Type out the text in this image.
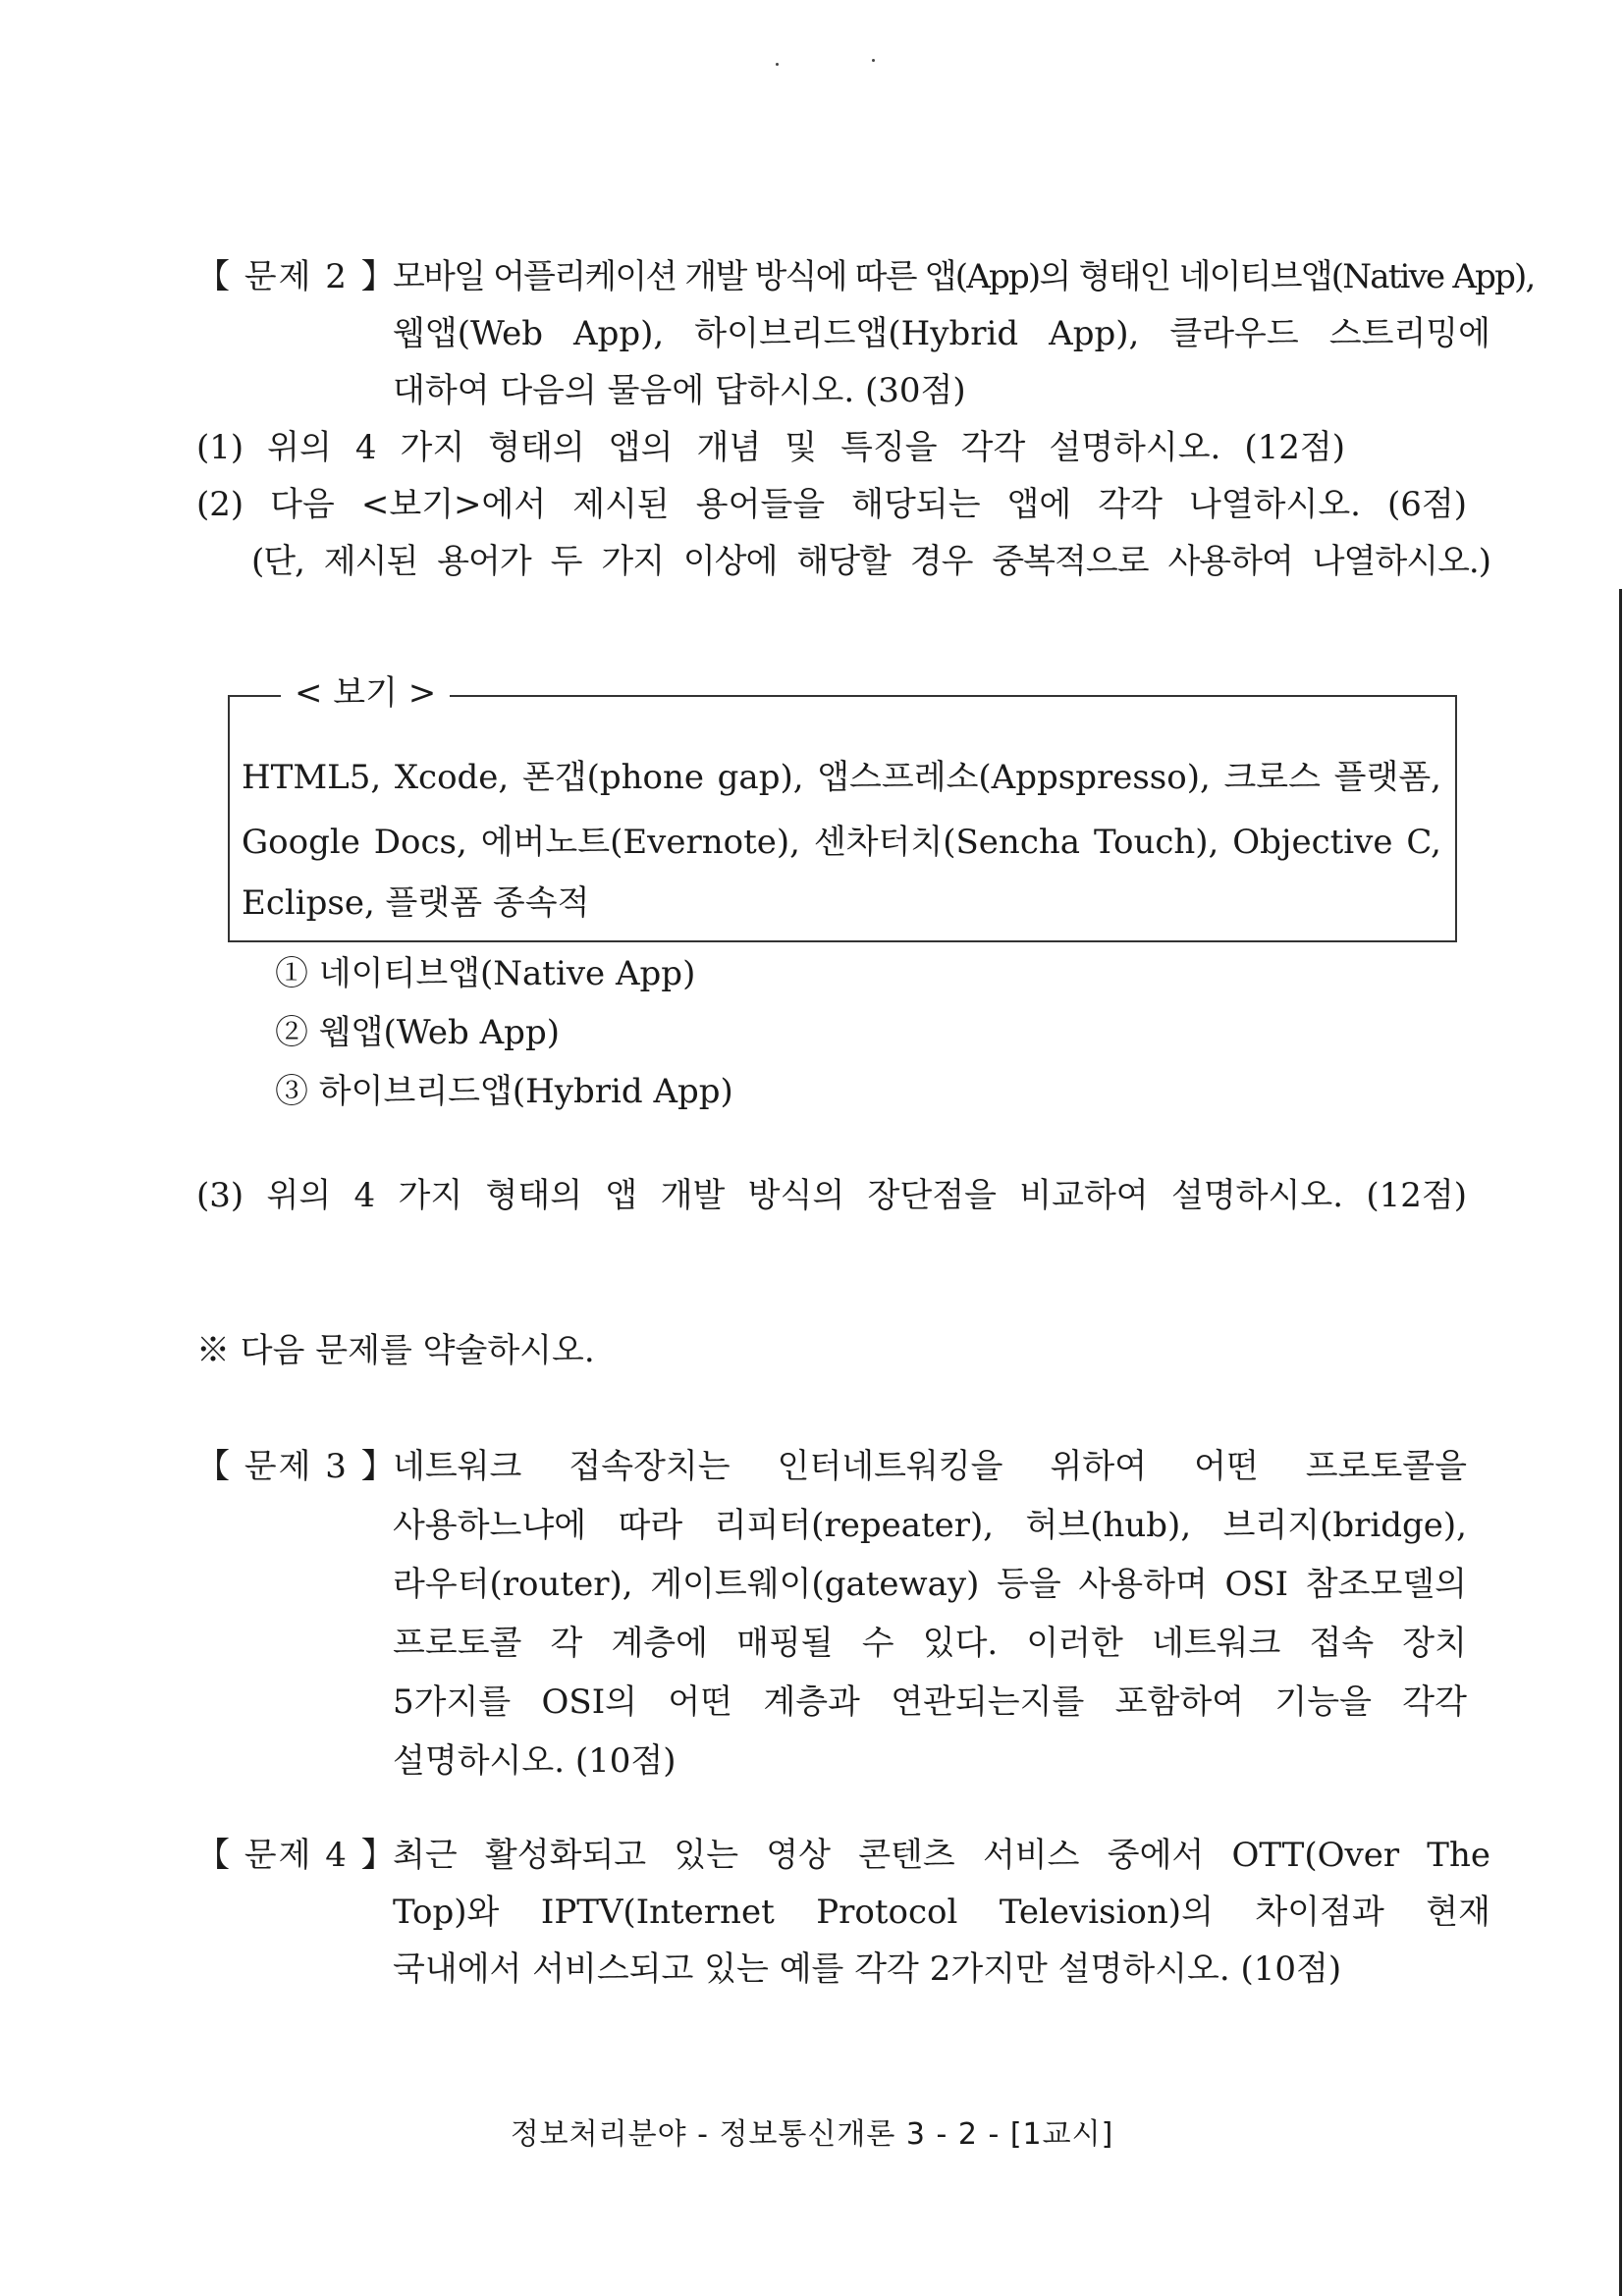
【 문제 2 】
모바일 어플리케이션 개발 방식에 따른 앱(App)의 형태인 네이티브앱(Native App),
웹앱(Web App), 하이브리드앱(Hybrid App), 클라우드 스트리밍에
대하여 다음의 물음에 답하시오. (30점)
(1) 위의 4 가지 형태의 앱의 개념 및 특징을 각각 설명하시오. (12점)
(2) 다음 <보기>에서 제시된 용어들을 해당되는 앱에 각각 나열하시오. (6점)
(단, 제시된 용어가 두 가지 이상에 해당할 경우 중복적으로 사용하여 나열하시오.)
< 보기 >
HTML5, Xcode, 폰갭(phone gap), 앱스프레소(Appspresso), 크로스 플랫폼,
Google Docs, 에버노트(Evernote), 센차터치(Sencha Touch), Objective C,
Eclipse, 플랫폼 종속적
① 네이티브앱(Native App)
② 웹앱(Web App)
③ 하이브리드앱(Hybrid App)
(3) 위의 4 가지 형태의 앱 개발 방식의 장단점을 비교하여 설명하시오. (12점)
※ 다음 문제를 약술하시오.
【 문제 3 】
네트워크 접속장치는 인터네트워킹을 위하여 어떤 프로토콜을
사용하느냐에 따라 리피터(repeater), 허브(hub), 브리지(bridge),
라우터(router), 게이트웨이(gateway) 등을 사용하며 OSI 참조모델의
프로토콜 각 계층에 매핑될 수 있다. 이러한 네트워크 접속 장치
5가지를 OSI의 어떤 계층과 연관되는지를 포함하여 기능을 각각
설명하시오. (10점)
【 문제 4 】
최근 활성화되고 있는 영상 콘텐츠 서비스 중에서 OTT(Over The
Top)와 IPTV(Internet Protocol Television)의 차이점과 현재
국내에서 서비스되고 있는 예를 각각 2가지만 설명하시오. (10점)
정보처리분야 - 정보통신개론 3 - 2 - [1교시]
